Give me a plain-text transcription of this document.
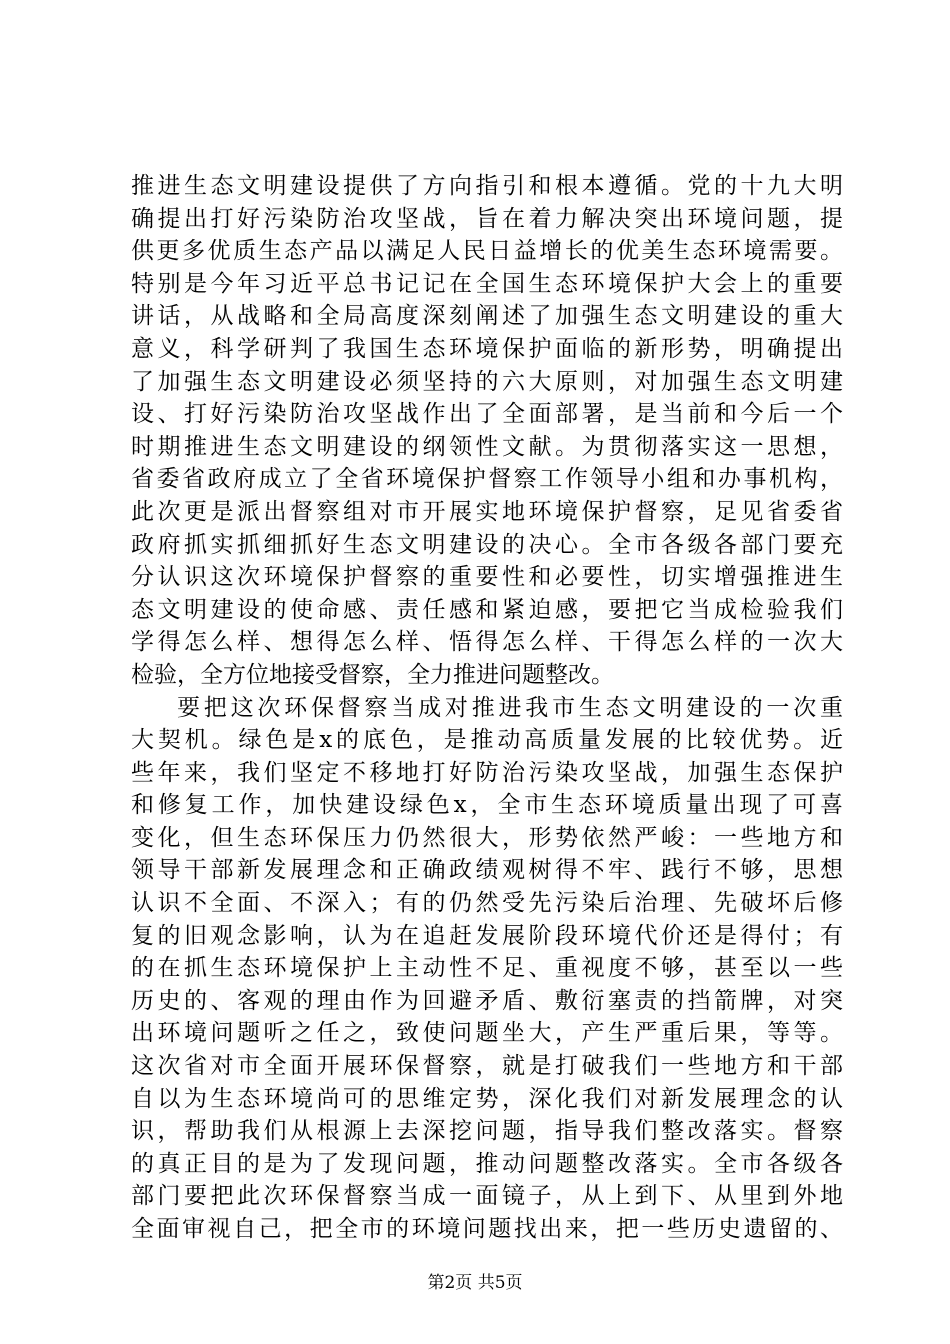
推进生态文明建设提供了方向指引和根本遵循。党的十九大明
确提出打好污染防治攻坚战，旨在着力解决突出环境问题，提
供更多优质生态产品以满足人民日益增长的优美生态环境需要。
特别是今年习近平总书记记在全国生态环境保护大会上的重要
讲话，从战略和全局高度深刻阐述了加强生态文明建设的重大
意义，科学研判了我国生态环境保护面临的新形势，明确提出
了加强生态文明建设必须坚持的六大原则，对加强生态文明建
设、打好污染防治攻坚战作出了全面部署，是当前和今后一个
时期推进生态文明建设的纲领性文献。为贯彻落实这一思想，
省委省政府成立了全省环境保护督察工作领导小组和办事机构，
此次更是派出督察组对市开展实地环境保护督察，足见省委省
政府抓实抓细抓好生态文明建设的决心。全市各级各部门要充
分认识这次环境保护督察的重要性和必要性，切实增强推进生
态文明建设的使命感、责任感和紧迫感，要把它当成检验我们
学得怎么样、想得怎么样、悟得怎么样、干得怎么样的一次大
检验，全方位地接受督察，全力推进问题整改。
要把这次环保督察当成对推进我市生态文明建设的一次重
大契机。绿色是x的底色，是推动高质量发展的比较优势。近
些年来，我们坚定不移地打好防治污染攻坚战，加强生态保护
和修复工作，加快建设绿色x，全市生态环境质量出现了可喜
变化，但生态环保压力仍然很大，形势依然严峻：一些地方和
领导干部新发展理念和正确政绩观树得不牢、践行不够，思想
认识不全面、不深入；有的仍然受先污染后治理、先破坏后修
复的旧观念影响，认为在追赶发展阶段环境代价还是得付；有
的在抓生态环境保护上主动性不足、重视度不够，甚至以一些
历史的、客观的理由作为回避矛盾、敷衍塞责的挡箭牌，对突
出环境问题听之任之，致使问题坐大，产生严重后果，等等。
这次省对市全面开展环保督察，就是打破我们一些地方和干部
自以为生态环境尚可的思维定势，深化我们对新发展理念的认
识，帮助我们从根源上去深挖问题，指导我们整改落实。督察
的真正目的是为了发现问题，推动问题整改落实。全市各级各
部门要把此次环保督察当成一面镜子，从上到下、从里到外地
全面审视自己，把全市的环境问题找出来，把一些历史遗留的、
第2页 共5页
